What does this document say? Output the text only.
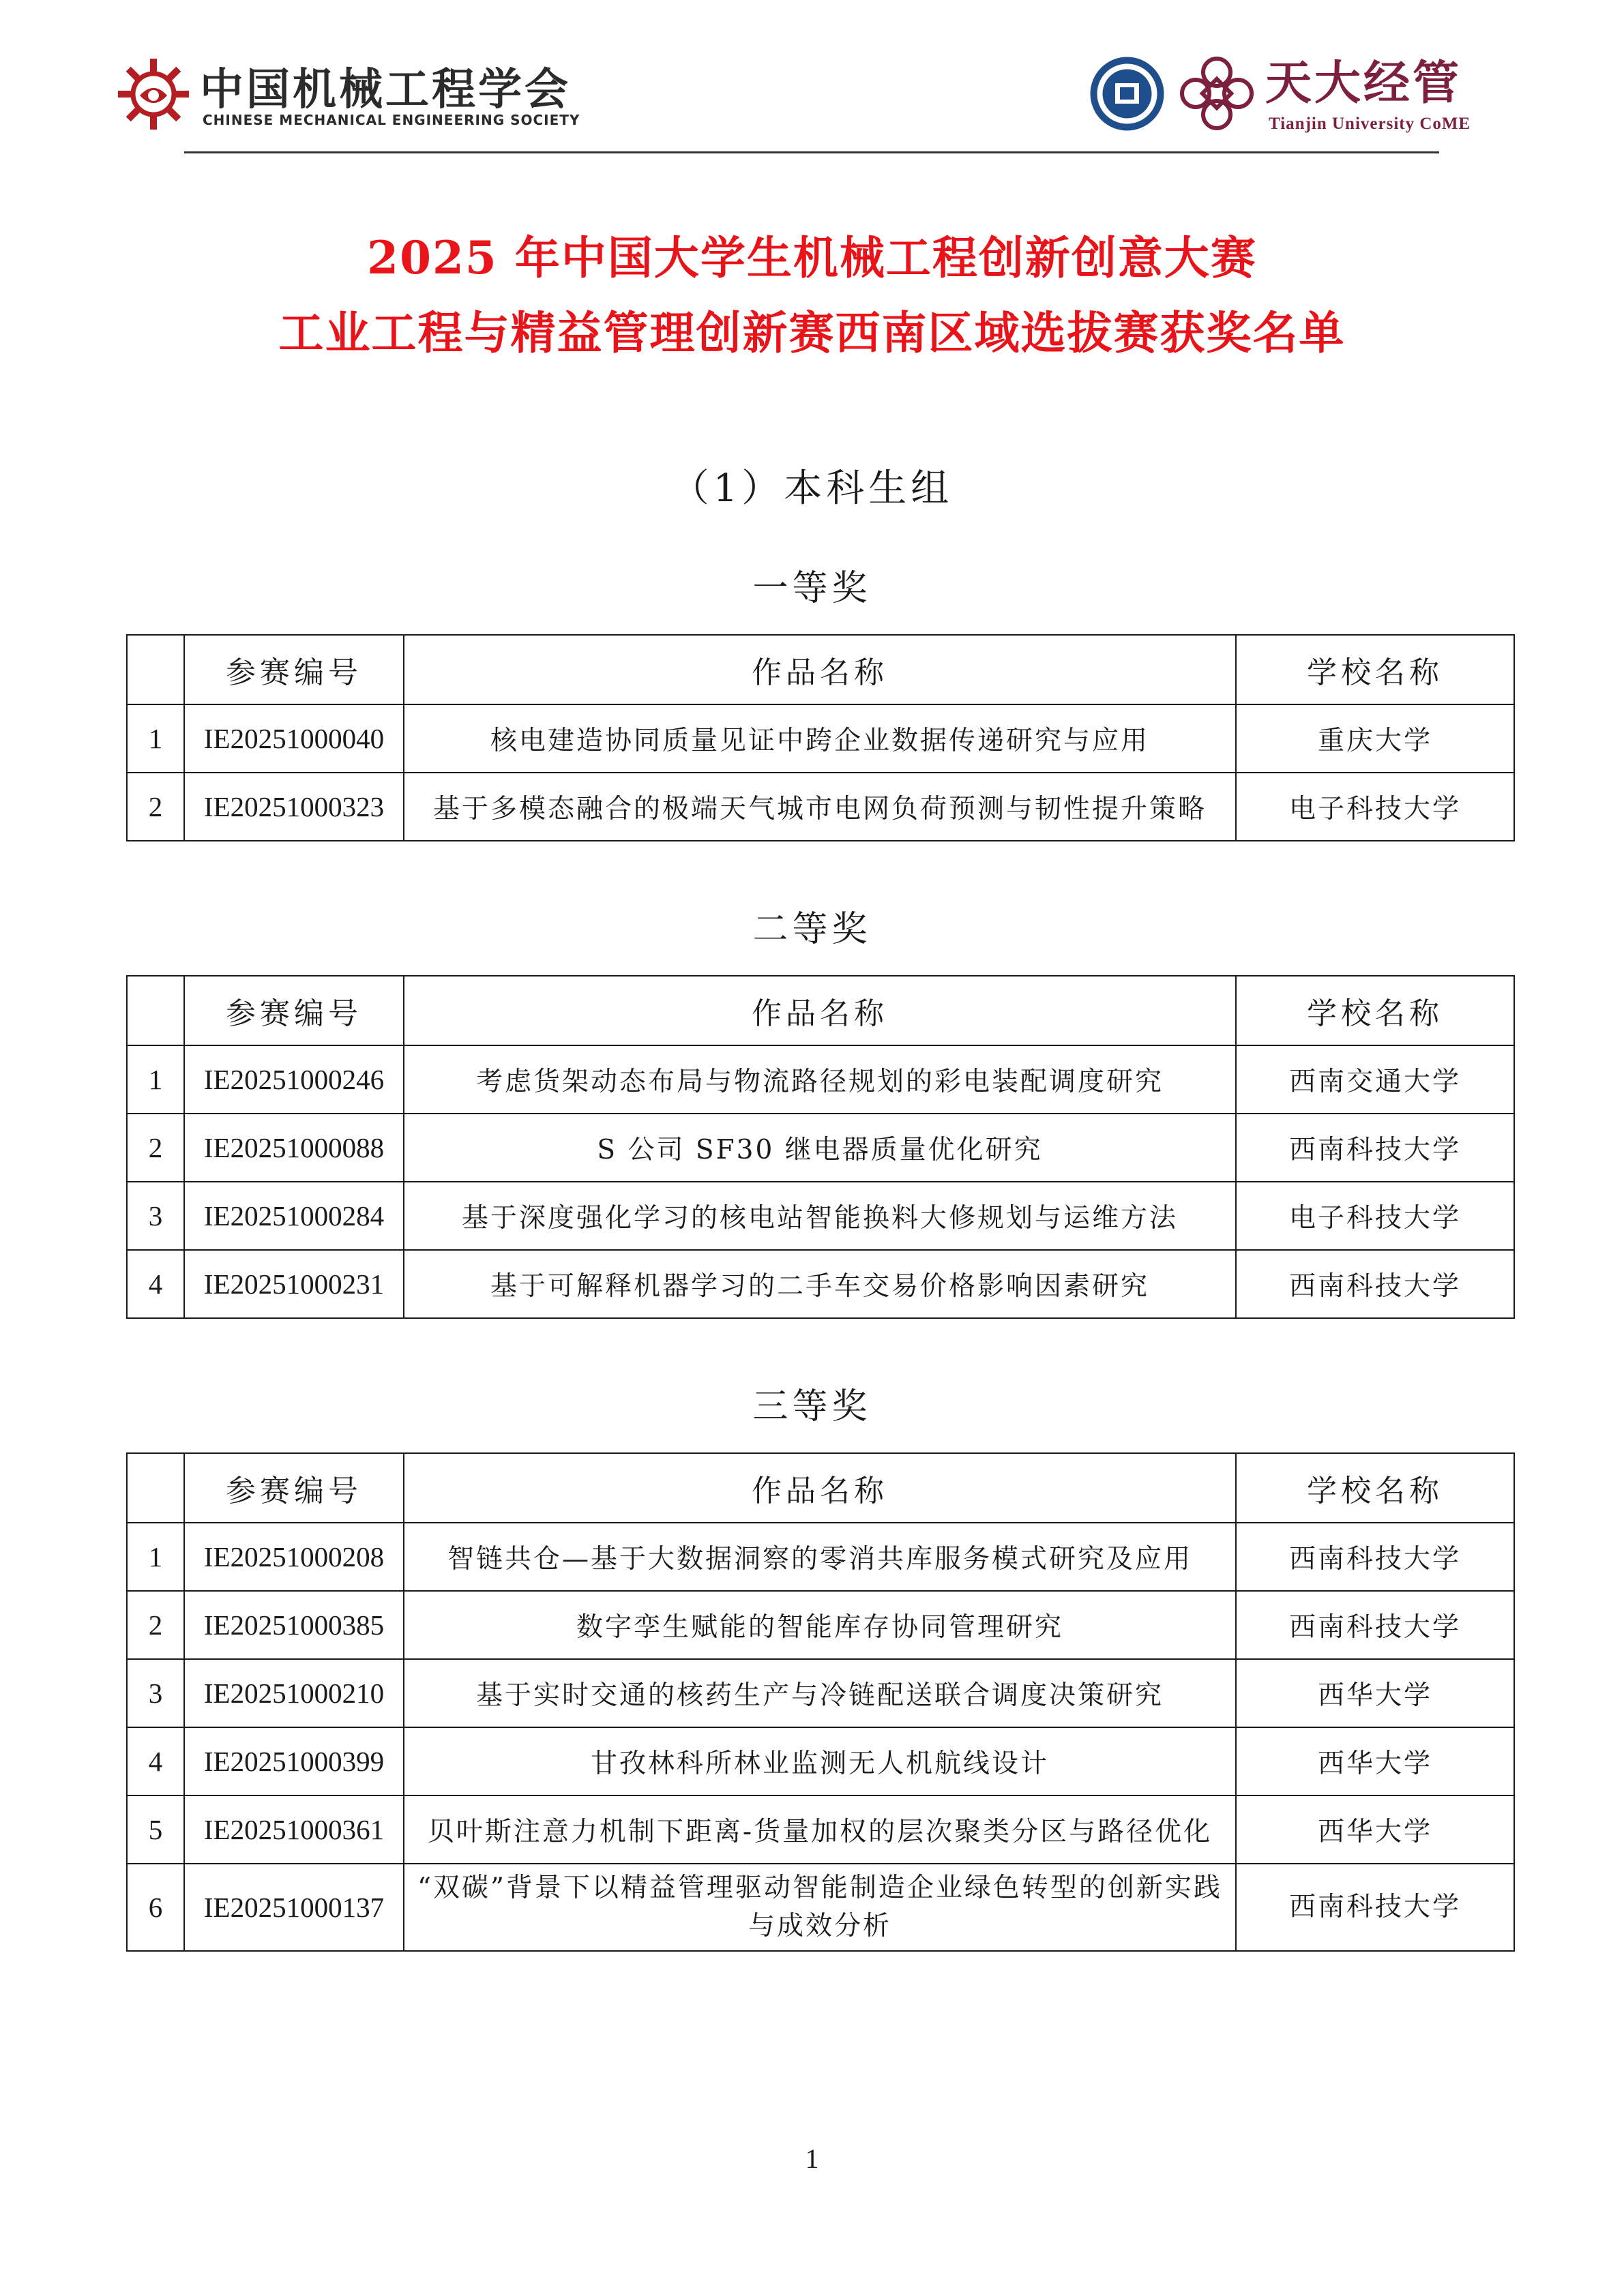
中国机械工程学会
CHINESE MECHANICAL ENGINEERING SOCIETY
天大经管
Tianjin University CoME
2025 年中国大学生机械工程创新创意大赛
工业工程与精益管理创新赛西南区域选拔赛获奖名单
（1）本科生组
一等奖
	参赛编号	作品名称	学校名称
1	IE20251000040	核电建造协同质量见证中跨企业数据传递研究与应用	重庆大学
2	IE20251000323	基于多模态融合的极端天气城市电网负荷预测与韧性提升策略	电子科技大学
二等奖
	参赛编号	作品名称	学校名称
1	IE20251000246	考虑货架动态布局与物流路径规划的彩电装配调度研究	西南交通大学
2	IE20251000088	S 公司 SF30 继电器质量优化研究	西南科技大学
3	IE20251000284	基于深度强化学习的核电站智能换料大修规划与运维方法	电子科技大学
4	IE20251000231	基于可解释机器学习的二手车交易价格影响因素研究	西南科技大学
三等奖
	参赛编号	作品名称	学校名称
1	IE20251000208	智链共仓—基于大数据洞察的零消共库服务模式研究及应用	西南科技大学
2	IE20251000385	数字孪生赋能的智能库存协同管理研究	西南科技大学
3	IE20251000210	基于实时交通的核药生产与冷链配送联合调度决策研究	西华大学
4	IE20251000399	甘孜林科所林业监测无人机航线设计	西华大学
5	IE20251000361	贝叶斯注意力机制下距离-货量加权的层次聚类分区与路径优化	西华大学
6	IE20251000137	“双碳”背景下以精益管理驱动智能制造企业绿色转型的创新实践与成效分析	西南科技大学
1
